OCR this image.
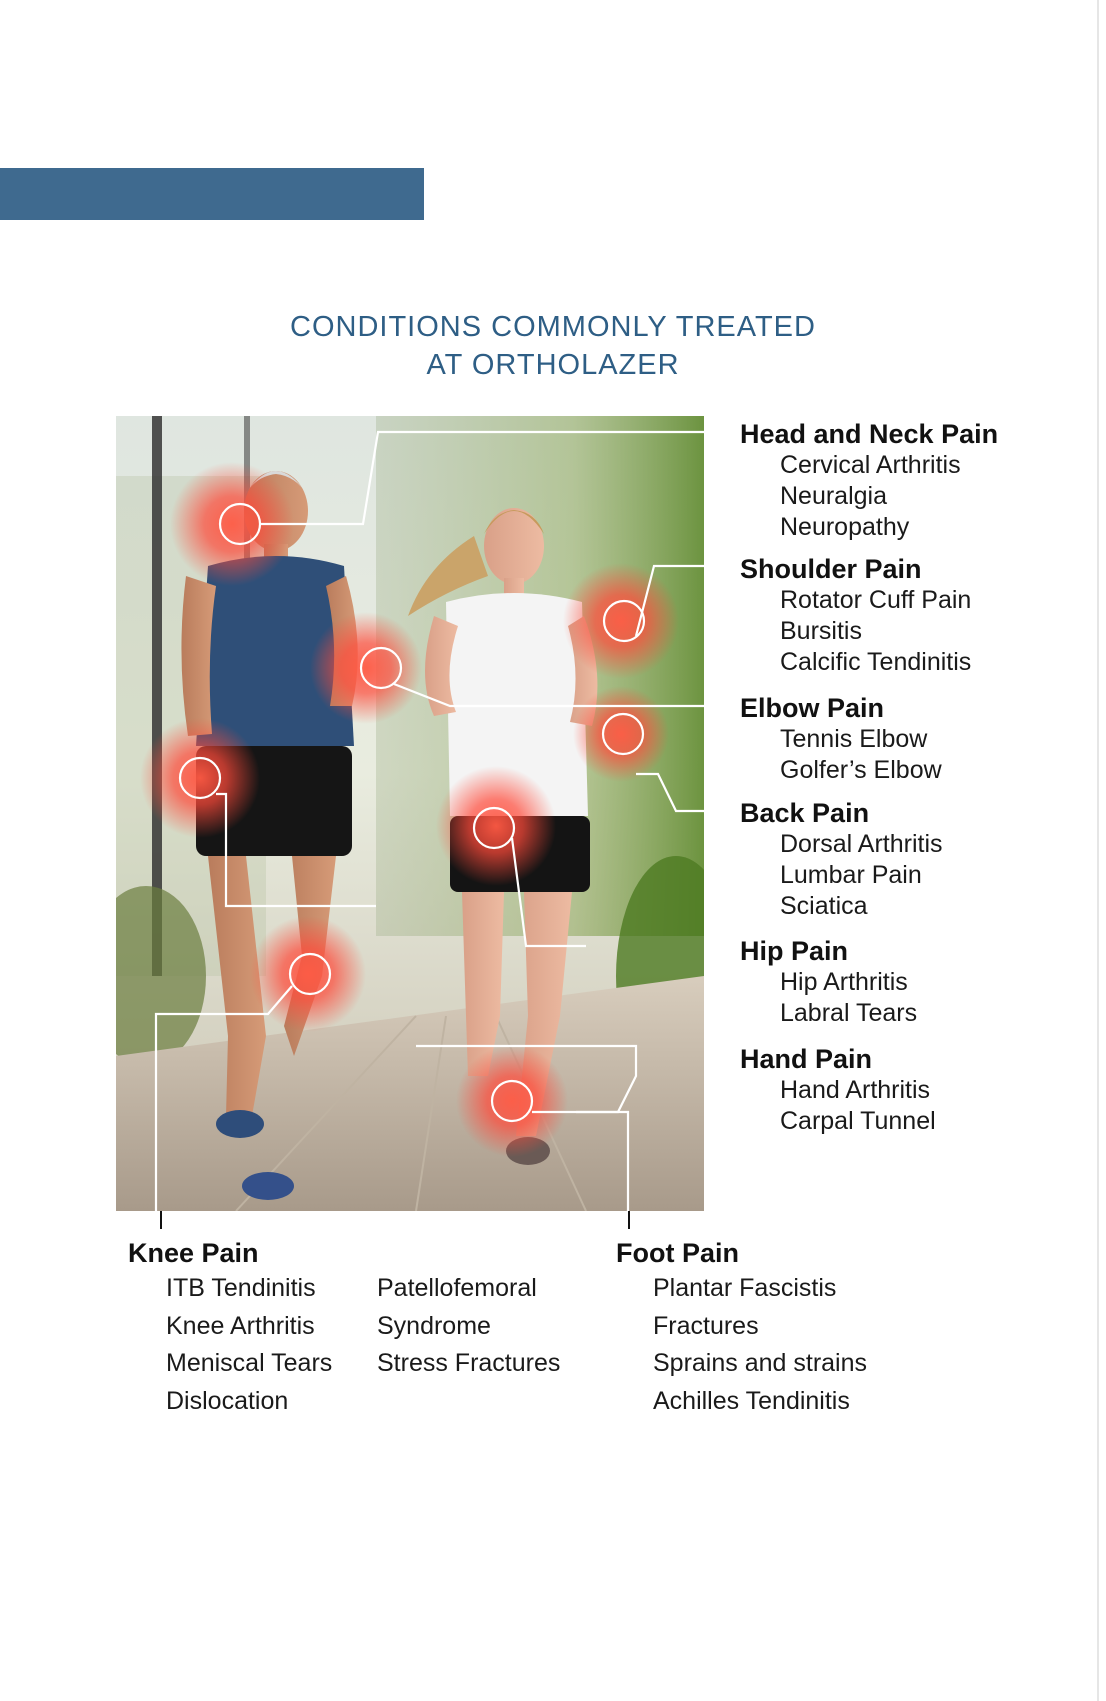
CONDITIONS COMMONLY TREATED
AT ORTHOLAZER
Head and Neck Pain
Cervical Arthritis
Neuralgia
Neuropathy
Shoulder Pain
Rotator Cuff Pain
Bursitis
Calcific Tendinitis
Elbow Pain
Tennis Elbow
Golfer’s Elbow
Back Pain
Dorsal Arthritis
Lumbar Pain
Sciatica
Hip Pain
Hip Arthritis
Labral Tears
Hand Pain
Hand Arthritis
Carpal Tunnel
Knee Pain
ITB Tendinitis
Knee Arthritis
Meniscal Tears
Dislocation
Patellofemoral
Syndrome
Stress Fractures
Foot Pain
Plantar Fascistis
Fractures
Sprains and strains
Achilles Tendinitis
